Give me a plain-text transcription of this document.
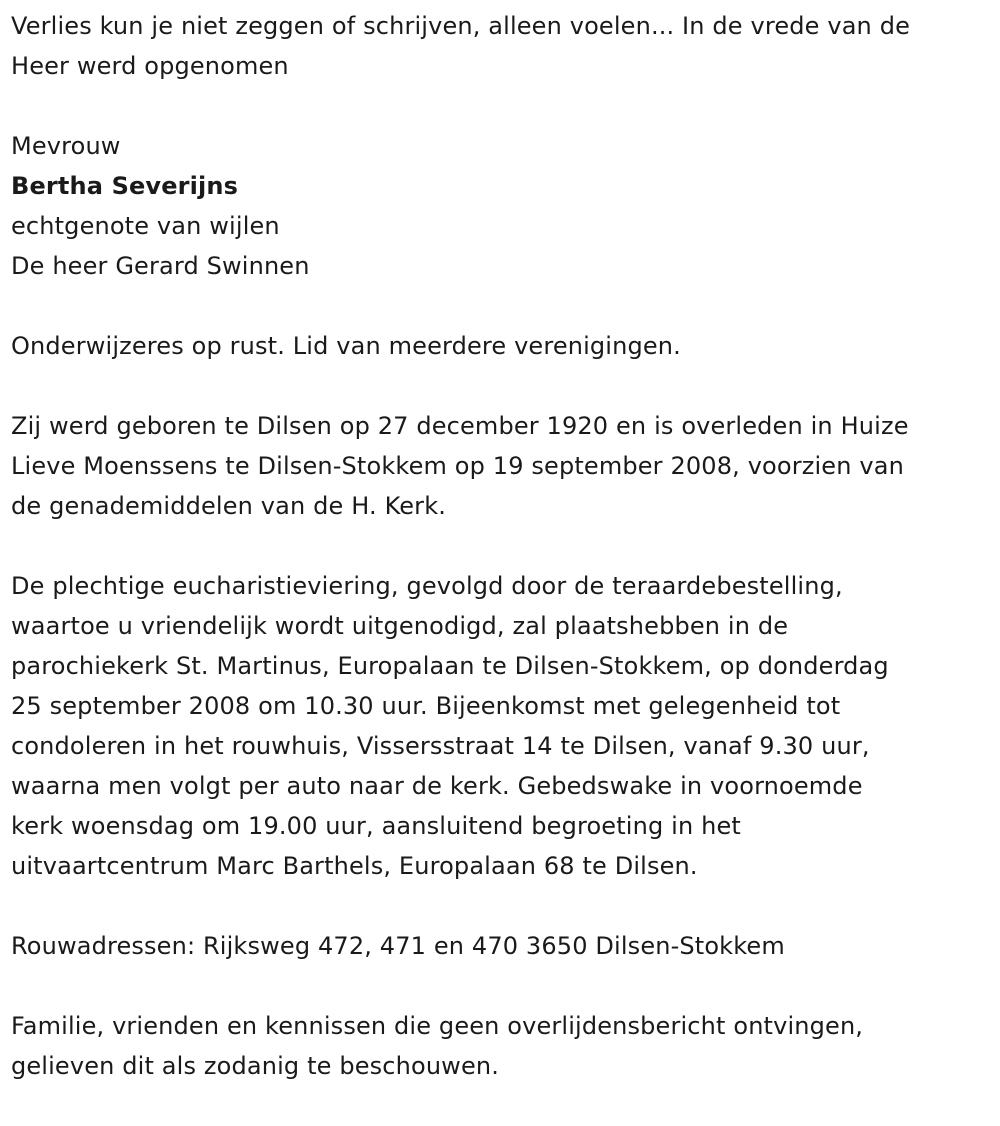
Verlies kun je niet zeggen of schrijven, alleen voelen... In de vrede van de
Heer werd opgenomen

Mevrouw
Bertha Severijns
echtgenote van wijlen
De heer Gerard Swinnen

Onderwijzeres op rust. Lid van meerdere verenigingen.

Zij werd geboren te Dilsen op 27 december 1920 en is overleden in Huize
Lieve Moenssens te Dilsen-Stokkem op 19 september 2008, voorzien van
de genademiddelen van de H. Kerk.

De plechtige eucharistieviering, gevolgd door de teraardebestelling,
waartoe u vriendelijk wordt uitgenodigd, zal plaatshebben in de
parochiekerk St. Martinus, Europalaan te Dilsen-Stokkem, op donderdag
25 september 2008 om 10.30 uur. Bijeenkomst met gelegenheid tot
condoleren in het rouwhuis, Vissersstraat 14 te Dilsen, vanaf 9.30 uur,
waarna men volgt per auto naar de kerk. Gebedswake in voornoemde
kerk woensdag om 19.00 uur, aansluitend begroeting in het
uitvaartcentrum Marc Barthels, Europalaan 68 te Dilsen.

Rouwadressen: Rijksweg 472, 471 en 470 3650 Dilsen-Stokkem

Familie, vrienden en kennissen die geen overlijdensbericht ontvingen,
gelieven dit als zodanig te beschouwen.
